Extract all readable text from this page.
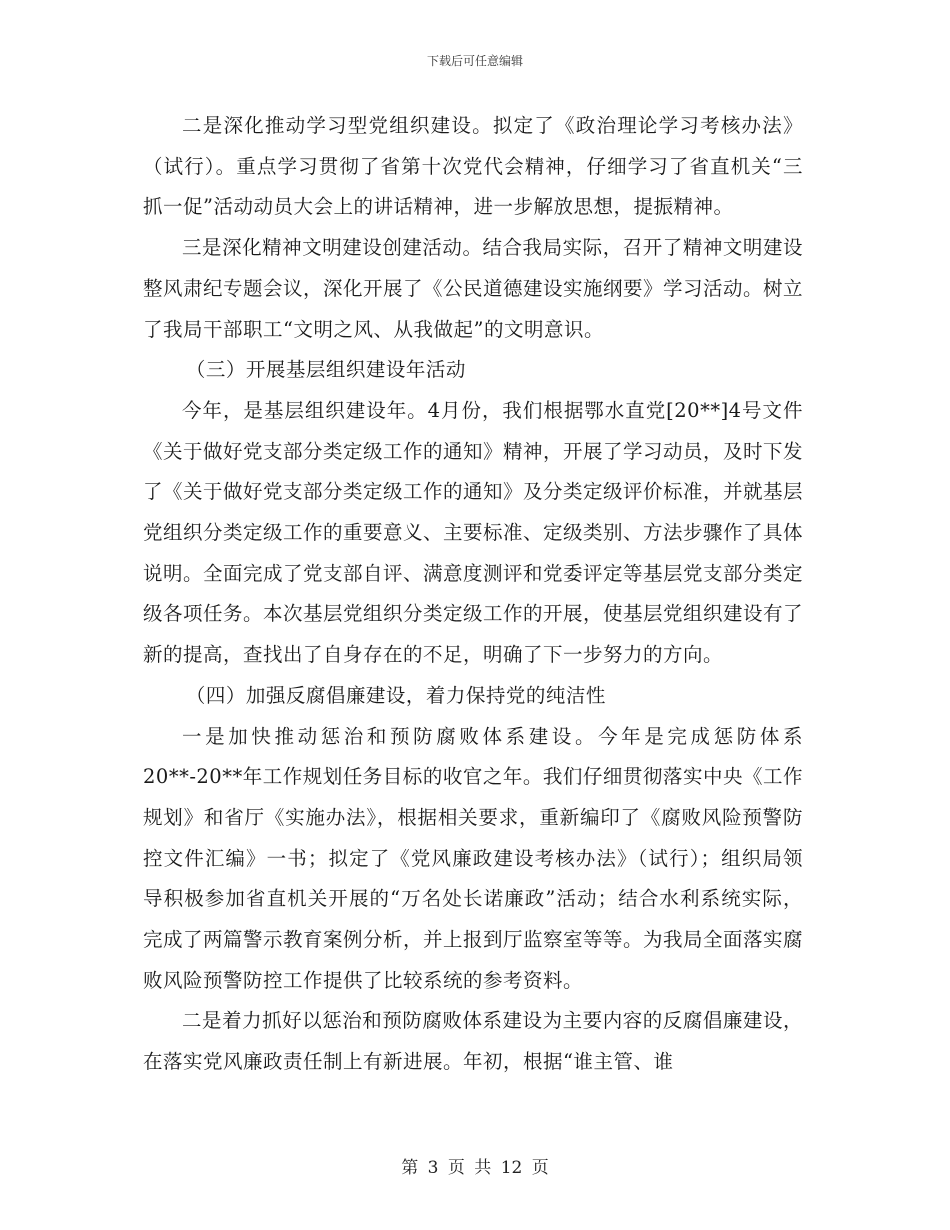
下载后可任意编辑

二是深化推动学习型党组织建设。拟定了《政治理论学习考核办法》（试行）。重点学习贯彻了省第十次党代会精神，仔细学习了省直机关“三抓一促”活动动员大会上的讲话精神，进一步解放思想，提振精神。

三是深化精神文明建设创建活动。结合我局实际，召开了精神文明建设整风肃纪专题会议，深化开展了《公民道德建设实施纲要》学习活动。树立了我局干部职工“文明之风、从我做起”的文明意识。

（三）开展基层组织建设年活动

今年，是基层组织建设年。4月份，我们根据鄂水直党[20**]4号文件《关于做好党支部分类定级工作的通知》精神，开展了学习动员，及时下发了《关于做好党支部分类定级工作的通知》及分类定级评价标准，并就基层党组织分类定级工作的重要意义、主要标准、定级类别、方法步骤作了具体说明。全面完成了党支部自评、满意度测评和党委评定等基层党支部分类定级各项任务。本次基层党组织分类定级工作的开展，使基层党组织建设有了新的提高，查找出了自身存在的不足，明确了下一步努力的方向。

（四）加强反腐倡廉建设，着力保持党的纯洁性

一是加快推动惩治和预防腐败体系建设。今年是完成惩防体系20**-20**年工作规划任务目标的收官之年。我们仔细贯彻落实中央《工作规划》和省厅《实施办法》，根据相关要求，重新编印了《腐败风险预警防控文件汇编》一书；拟定了《党风廉政建设考核办法》（试行）；组织局领导积极参加省直机关开展的“万名处长诺廉政”活动；结合水利系统实际，完成了两篇警示教育案例分析，并上报到厅监察室等等。为我局全面落实腐败风险预警防控工作提供了比较系统的参考资料。

二是着力抓好以惩治和预防腐败体系建设为主要内容的反腐倡廉建设，在落实党风廉政责任制上有新进展。年初，根据“谁主管、谁

第 3 页 共 12 页
